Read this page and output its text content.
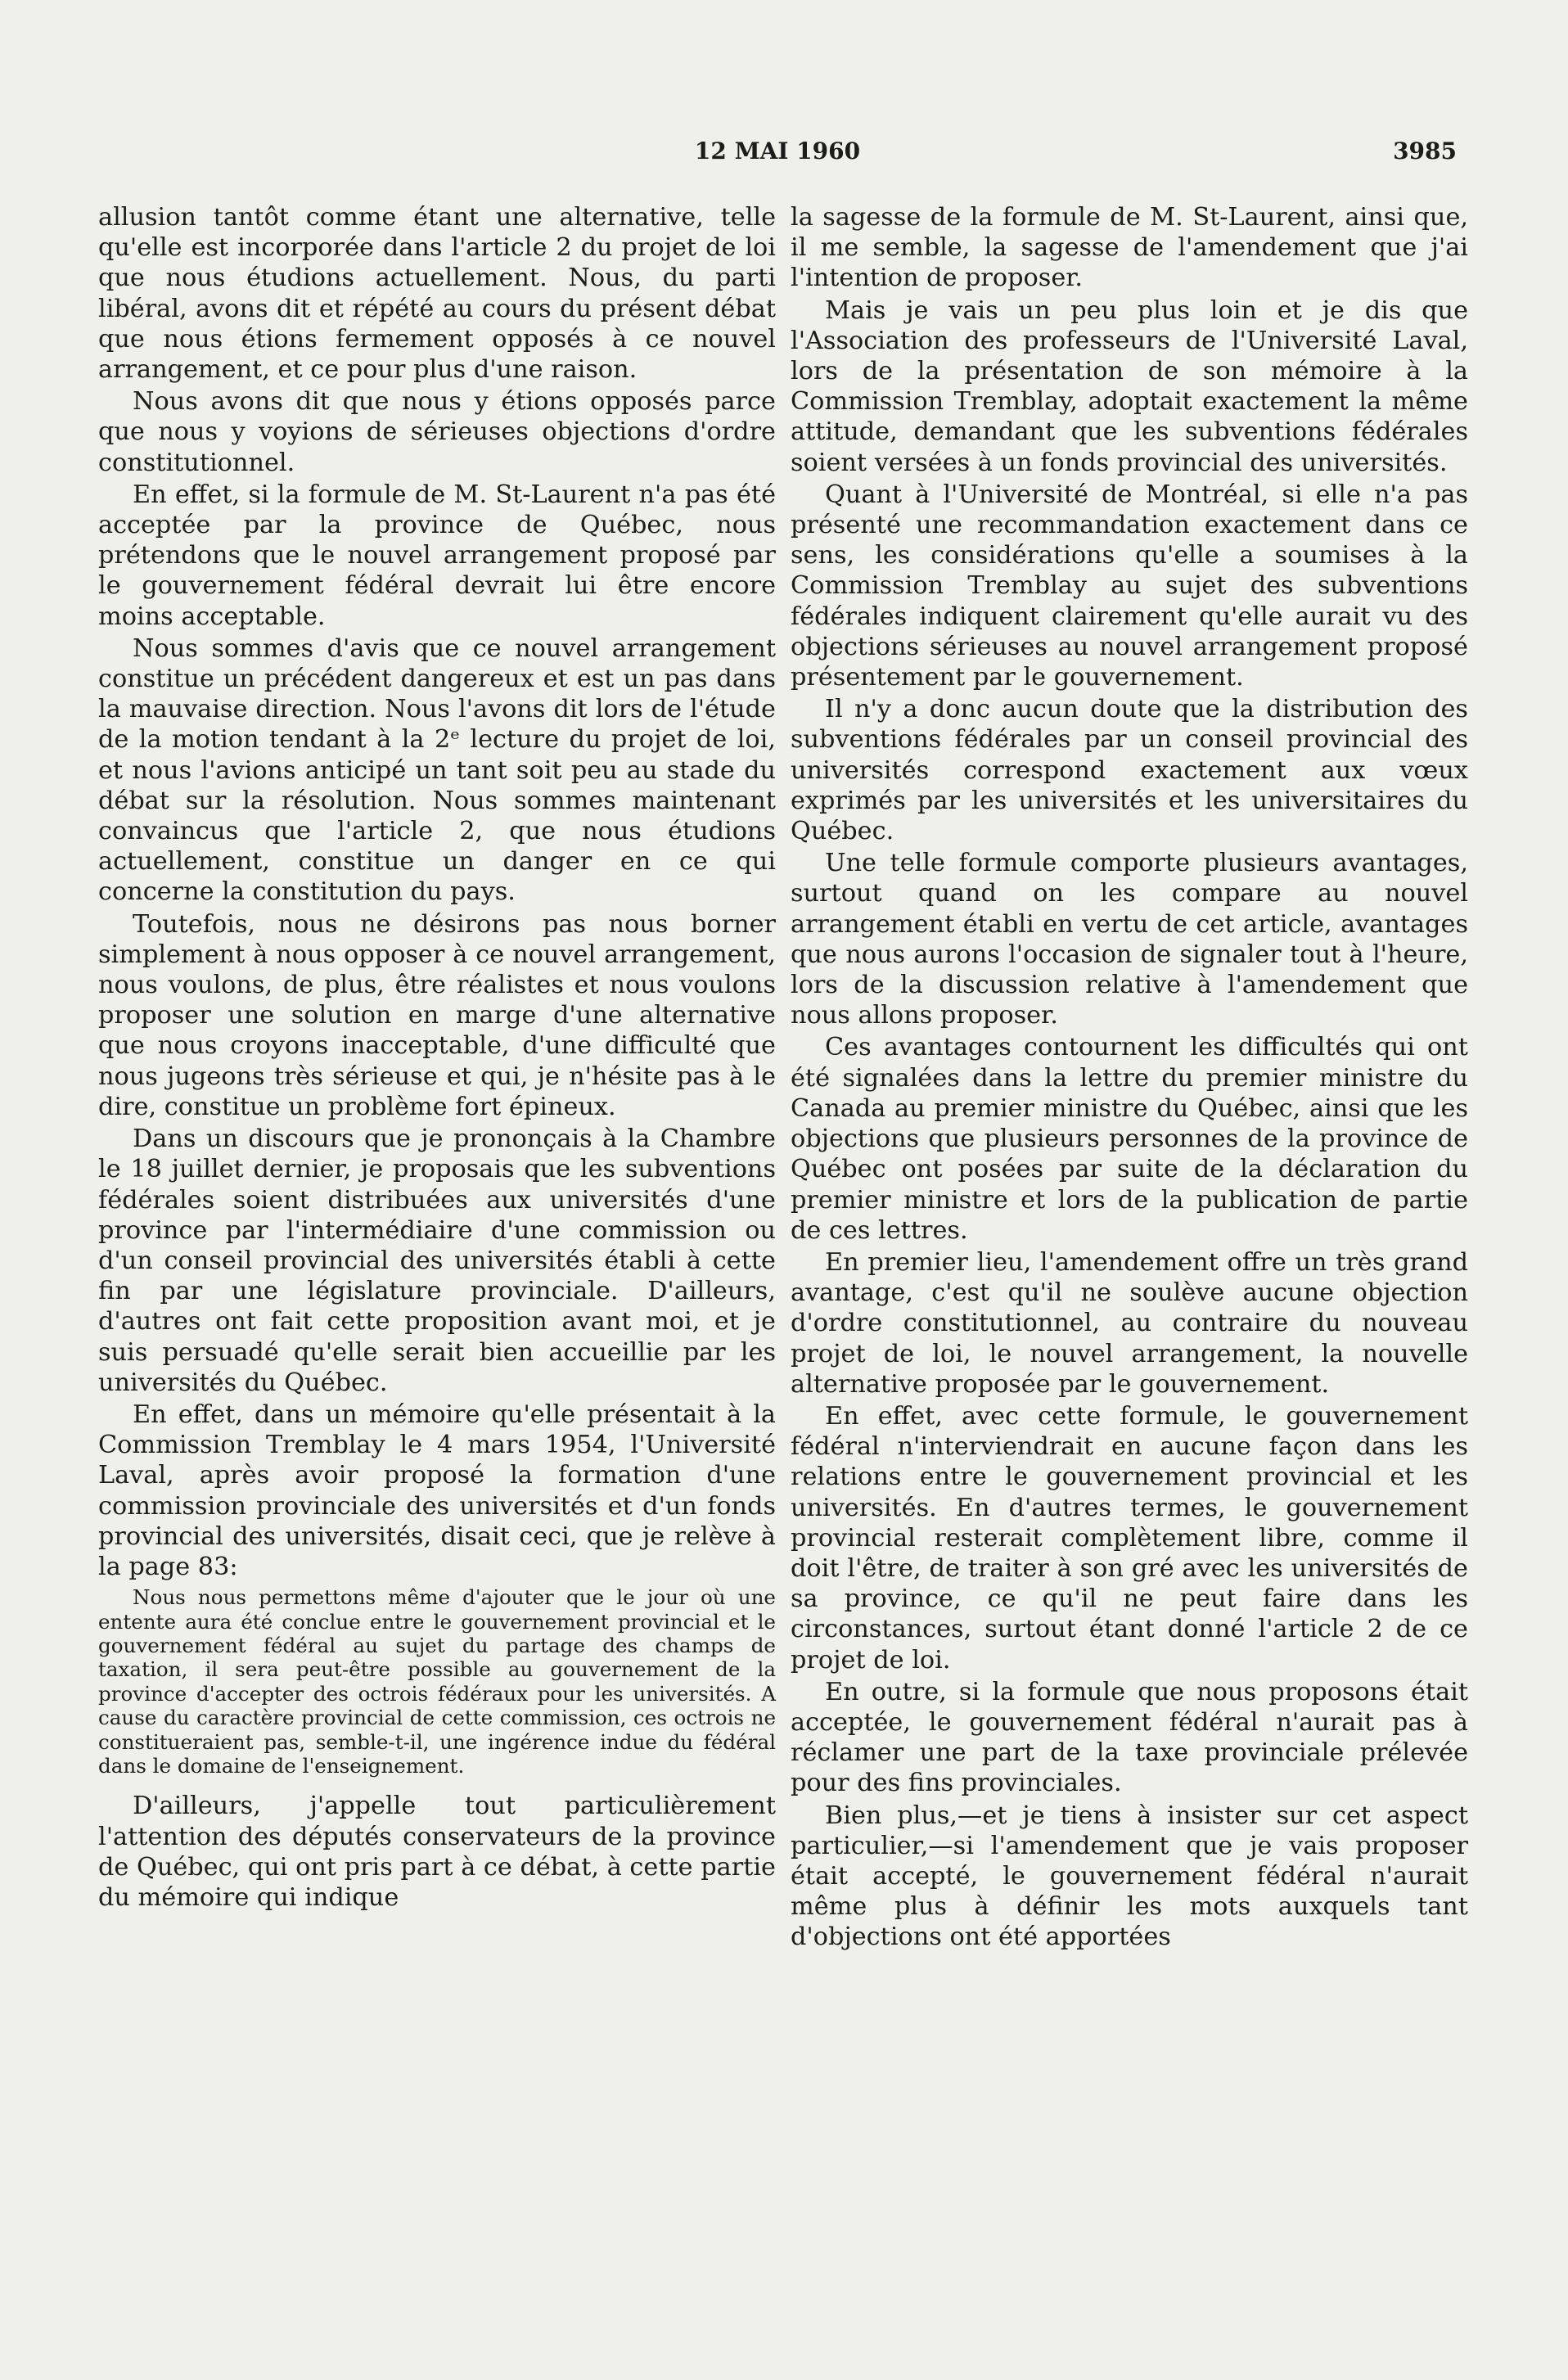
12 MAI 1960	3985

allusion tantôt comme étant une alternative, telle qu'elle est incorporée dans l'article 2 du projet de loi que nous étudions actuellement. Nous, du parti libéral, avons dit et répété au cours du présent débat que nous étions fermement opposés à ce nouvel arrangement, et ce pour plus d'une raison.

Nous avons dit que nous y étions opposés parce que nous y voyions de sérieuses objections d'ordre constitutionnel.

En effet, si la formule de M. St-Laurent n'a pas été acceptée par la province de Québec, nous prétendons que le nouvel arrangement proposé par le gouvernement fédéral devrait lui être encore moins acceptable.

Nous sommes d'avis que ce nouvel arrangement constitue un précédent dangereux et est un pas dans la mauvaise direction. Nous l'avons dit lors de l'étude de la motion tendant à la 2ᵉ lecture du projet de loi, et nous l'avions anticipé un tant soit peu au stade du débat sur la résolution. Nous sommes maintenant convaincus que l'article 2, que nous étudions actuellement, constitue un danger en ce qui concerne la constitution du pays.

Toutefois, nous ne désirons pas nous borner simplement à nous opposer à ce nouvel arrangement, nous voulons, de plus, être réalistes et nous voulons proposer une solution en marge d'une alternative que nous croyons inacceptable, d'une difficulté que nous jugeons très sérieuse et qui, je n'hésite pas à le dire, constitue un problème fort épineux.

Dans un discours que je prononçais à la Chambre le 18 juillet dernier, je proposais que les subventions fédérales soient distribuées aux universités d'une province par l'intermédiaire d'une commission ou d'un conseil provincial des universités établi à cette fin par une législature provinciale. D'ailleurs, d'autres ont fait cette proposition avant moi, et je suis persuadé qu'elle serait bien accueillie par les universités du Québec.

En effet, dans un mémoire qu'elle présentait à la Commission Tremblay le 4 mars 1954, l'Université Laval, après avoir proposé la formation d'une commission provinciale des universités et d'un fonds provincial des universités, disait ceci, que je relève à la page 83:

Nous nous permettons même d'ajouter que le jour où une entente aura été conclue entre le gouvernement provincial et le gouvernement fédéral au sujet du partage des champs de taxation, il sera peut-être possible au gouvernement de la province d'accepter des octrois fédéraux pour les universités. A cause du caractère provincial de cette commission, ces octrois ne constitueraient pas, semble-t-il, une ingérence indue du fédéral dans le domaine de l'enseignement.

D'ailleurs, j'appelle tout particulièrement l'attention des députés conservateurs de la province de Québec, qui ont pris part à ce débat, à cette partie du mémoire qui indique

la sagesse de la formule de M. St-Laurent, ainsi que, il me semble, la sagesse de l'amendement que j'ai l'intention de proposer.

Mais je vais un peu plus loin et je dis que l'Association des professeurs de l'Université Laval, lors de la présentation de son mémoire à la Commission Tremblay, adoptait exactement la même attitude, demandant que les subventions fédérales soient versées à un fonds provincial des universités.

Quant à l'Université de Montréal, si elle n'a pas présenté une recommandation exactement dans ce sens, les considérations qu'elle a soumises à la Commission Tremblay au sujet des subventions fédérales indiquent clairement qu'elle aurait vu des objections sérieuses au nouvel arrangement proposé présentement par le gouvernement.

Il n'y a donc aucun doute que la distribution des subventions fédérales par un conseil provincial des universités correspond exactement aux vœux exprimés par les universités et les universitaires du Québec.

Une telle formule comporte plusieurs avantages, surtout quand on les compare au nouvel arrangement établi en vertu de cet article, avantages que nous aurons l'occasion de signaler tout à l'heure, lors de la discussion relative à l'amendement que nous allons proposer.

Ces avantages contournent les difficultés qui ont été signalées dans la lettre du premier ministre du Canada au premier ministre du Québec, ainsi que les objections que plusieurs personnes de la province de Québec ont posées par suite de la déclaration du premier ministre et lors de la publication de partie de ces lettres.

En premier lieu, l'amendement offre un très grand avantage, c'est qu'il ne soulève aucune objection d'ordre constitutionnel, au contraire du nouveau projet de loi, le nouvel arrangement, la nouvelle alternative proposée par le gouvernement.

En effet, avec cette formule, le gouvernement fédéral n'interviendrait en aucune façon dans les relations entre le gouvernement provincial et les universités. En d'autres termes, le gouvernement provincial resterait complètement libre, comme il doit l'être, de traiter à son gré avec les universités de sa province, ce qu'il ne peut faire dans les circonstances, surtout étant donné l'article 2 de ce projet de loi.

En outre, si la formule que nous proposons était acceptée, le gouvernement fédéral n'aurait pas à réclamer une part de la taxe provinciale prélevée pour des fins provinciales.

Bien plus,—et je tiens à insister sur cet aspect particulier,—si l'amendement que je vais proposer était accepté, le gouvernement fédéral n'aurait même plus à définir les mots auxquels tant d'objections ont été apportées
